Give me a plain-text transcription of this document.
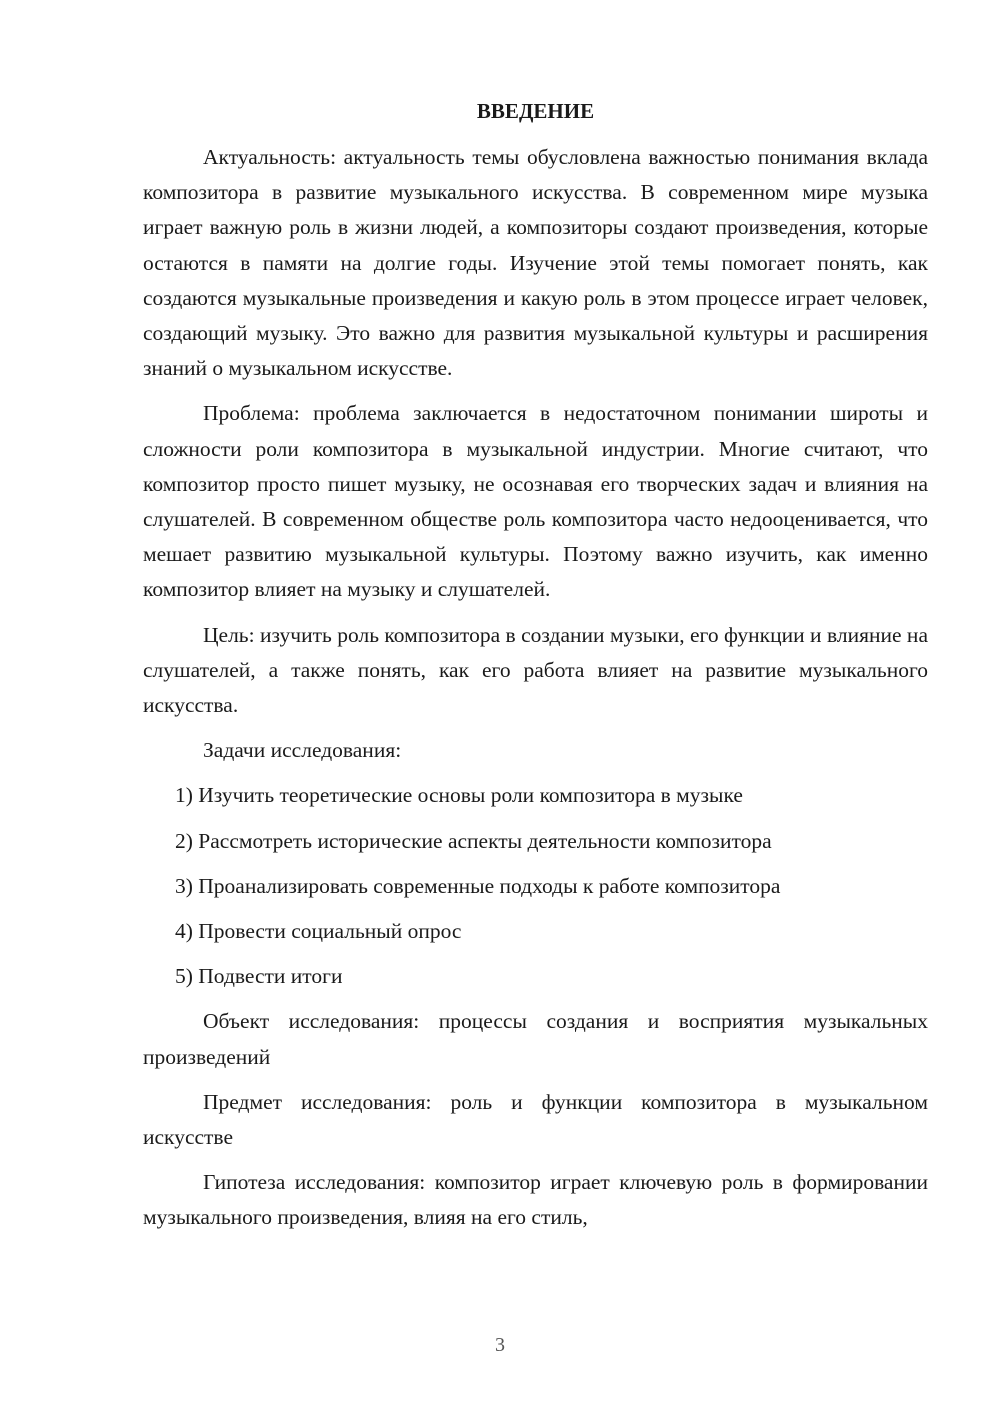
ВВЕДЕНИЕ

Актуальность: актуальность темы обусловлена важностью понимания вклада композитора в развитие музыкального искусства. В современном мире музыка играет важную роль в жизни людей, а композиторы создают произведения, которые остаются в памяти на долгие годы. Изучение этой темы помогает понять, как создаются музыкальные произведения и какую роль в этом процессе играет человек, создающий музыку. Это важно для развития музыкальной культуры и расширения знаний о музыкальном искусстве.

Проблема: проблема заключается в недостаточном понимании широты и сложности роли композитора в музыкальной индустрии. Многие считают, что композитор просто пишет музыку, не осознавая его творческих задач и влияния на слушателей. В современном обществе роль композитора часто недооценивается, что мешает развитию музыкальной культуры. Поэтому важно изучить, как именно композитор влияет на музыку и слушателей.

Цель: изучить роль композитора в создании музыки, его функции и влияние на слушателей, а также понять, как его работа влияет на развитие музыкального искусства.

Задачи исследования:

1) Изучить теоретические основы роли композитора в музыке
2) Рассмотреть исторические аспекты деятельности композитора
3) Проанализировать современные подходы к работе композитора
4) Провести социальный опрос
5) Подвести итоги

Объект исследования: процессы создания и восприятия музыкальных произведений

Предмет исследования: роль и функции композитора в музыкальном искусстве

Гипотеза исследования: композитор играет ключевую роль в формировании музыкального произведения, влияя на его стиль,

3
